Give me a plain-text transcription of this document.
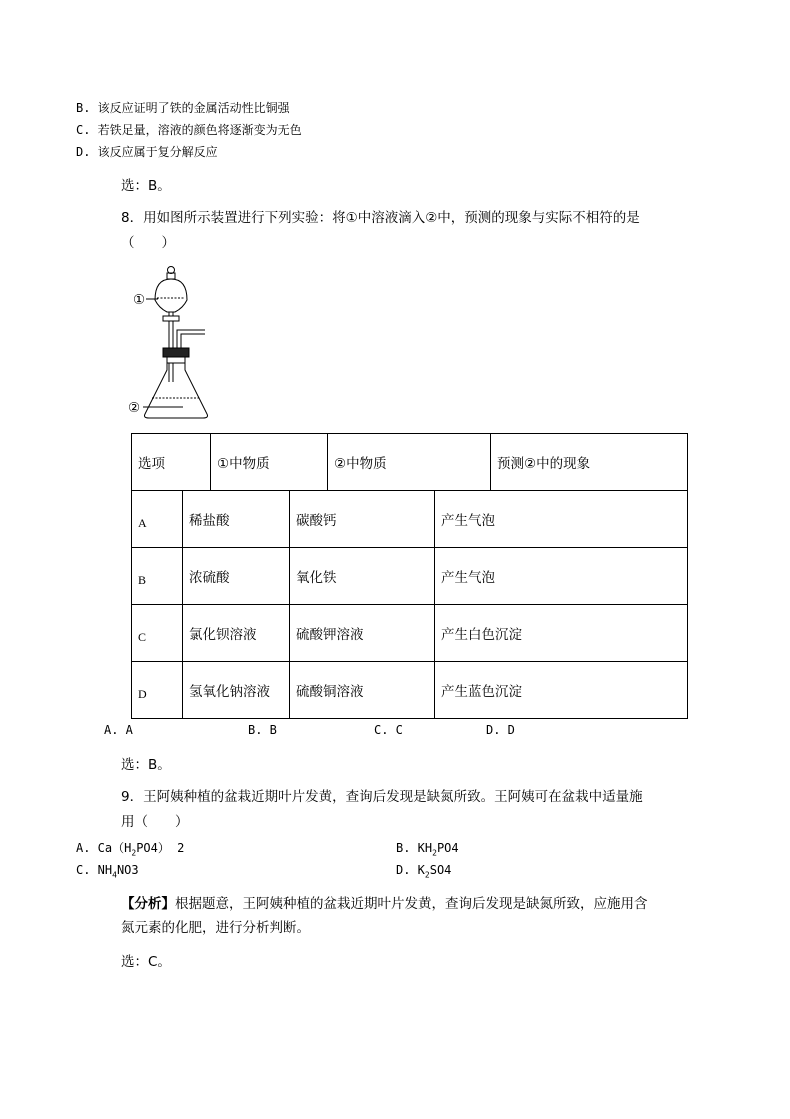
B. 该反应证明了铁的金属活动性比铜强
C. 若铁足量，溶液的颜色将逐渐变为无色
D. 该反应属于复分解反应
选：B。
8．用如图所示装置进行下列实验：将①中溶液滴入②中，预测的现象与实际不相符的是
（　　）
①
②
选项	①中物质	②中物质	预测②中的现象
A	稀盐酸	碳酸钙	产生气泡
B	浓硫酸	氧化铁	产生气泡
C	氯化钡溶液	硫酸钾溶液	产生白色沉淀
D	氢氧化钠溶液	硫酸铜溶液	产生蓝色沉淀
A. A	B. B	C. C	D. D
选：B。
9．王阿姨种植的盆栽近期叶片发黄，查询后发现是缺氮所致。王阿姨可在盆栽中适量施
用（　　）
A. $Ca(H_2PO4)$ 2	B. $KH_2PO4$
C. $NH_4NO3$	D. $K_2SO4$
【分析】根据题意，王阿姨种植的盆栽近期叶片发黄，查询后发现是缺氮所致，应施用含
氮元素的化肥，进行分析判断。
选：C。
